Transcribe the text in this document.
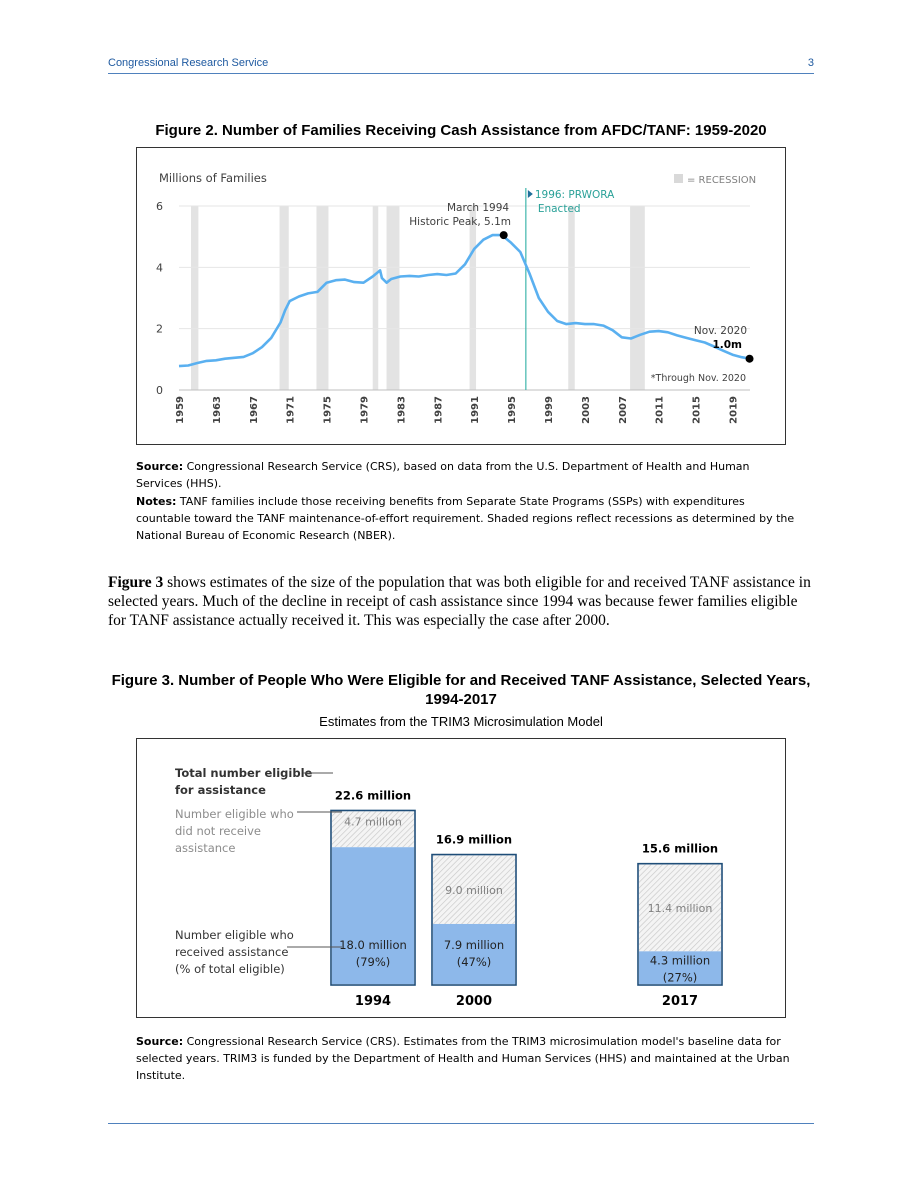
Congressional Research Service	3
Figure 2. Number of Families Receiving Cash Assistance from AFDC/TANF: 1959-2020
0
2
4
6
1959	1963	1967	1971	1975	1979	1983	1987	1991	1995	1999	2003	2007	2011	2015	2019
Millions of Families	= RECESSION
1996: PRWORA
Enacted
March 1994
Historic Peak, 5.1m
Nov. 2020
1.0m
*Through Nov. 2020
Source: Congressional Research Service (CRS), based on data from the U.S. Department of Health and Human Services (HHS).
Notes: TANF families include those receiving benefits from Separate State Programs (SSPs) with expenditures countable toward the TANF maintenance-of-effort requirement. Shaded regions reflect recessions as determined by the National Bureau of Economic Research (NBER).
Figure 3 shows estimates of the size of the population that was both eligible for and received TANF assistance in selected years. Much of the decline in receipt of cash assistance since 1994 was because fewer families eligible for TANF assistance actually received it. This was especially the case after 2000.
Figure 3. Number of People Who Were Eligible for and Received TANF Assistance, Selected Years, 1994-2017
Estimates from the TRIM3 Microsimulation Model
22.6 million
4.7 million
18.0 million
(79%)
1994
16.9 million
9.0 million
7.9 million
(47%)
2000
15.6 million
11.4 million
4.3 million
(27%)
2017
Total number eligible
for assistance
Number eligible who
did not receive
assistance
Number eligible who
received assistance
(% of total eligible)
Source: Congressional Research Service (CRS). Estimates from the TRIM3 microsimulation model's baseline data for selected years. TRIM3 is funded by the Department of Health and Human Services (HHS) and maintained at the Urban Institute.
